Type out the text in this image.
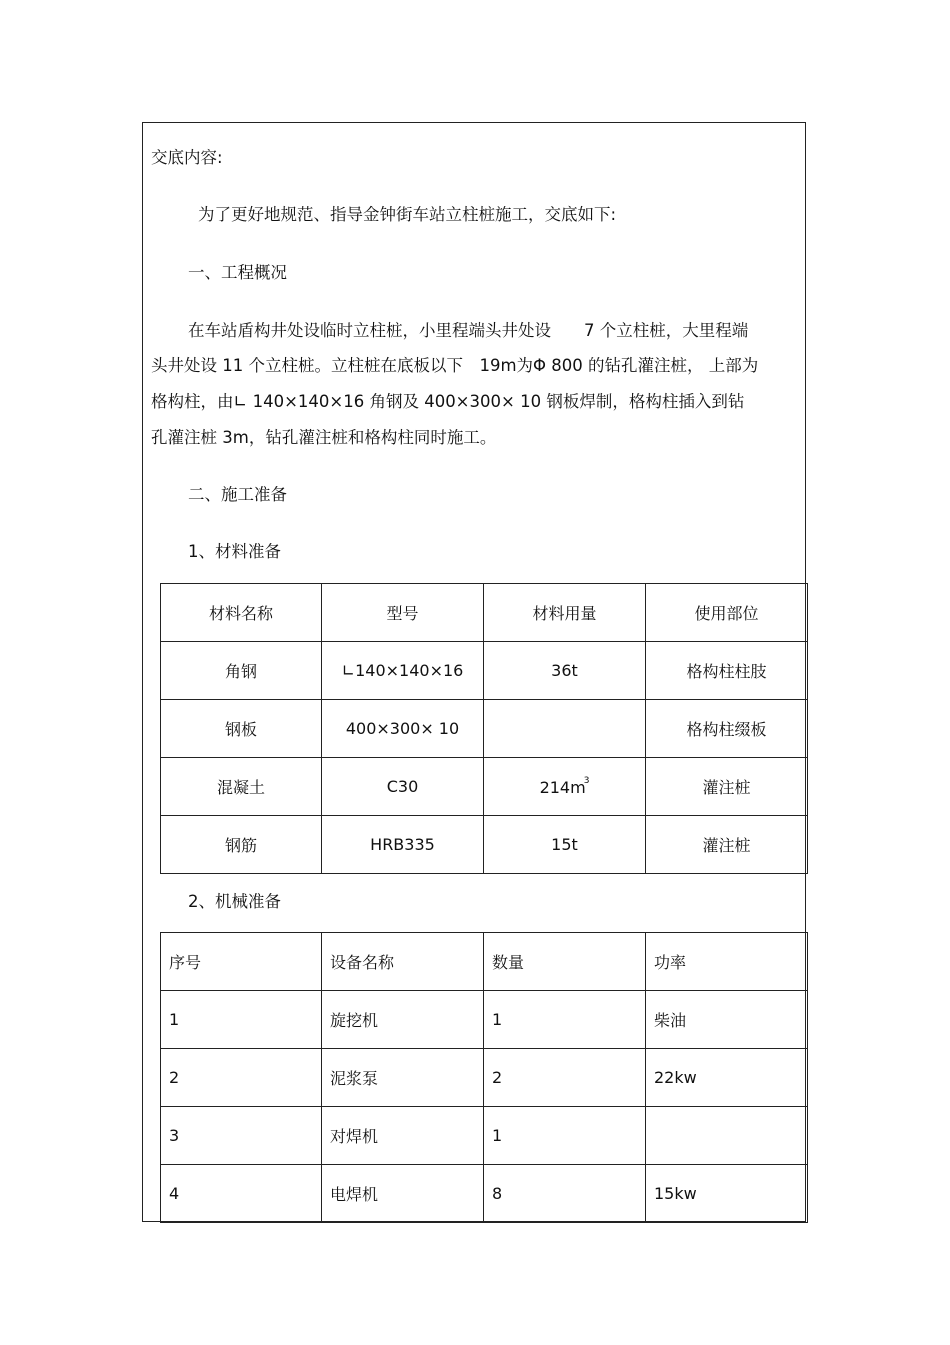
交底内容:
为了更好地规范、指导金钟街车站立柱桩施工，交底如下:
一、工程概况
在车站盾构井处设临时立柱桩，小里程端头井处设　　7 个立柱桩，大里程端
头井处设 11 个立柱桩。立柱桩在底板以下　19m为Φ 800 的钻孔灌注桩， 上部为
格构柱，由∟ 140×140×16 角钢及 400×300× 10 钢板焊制，格构柱插入到钻
孔灌注桩 3m，钻孔灌注桩和格构柱同时施工。
二、施工准备
1、材料准备
材料名称	型号	材料用量	使用部位
角钢	∟140×140×16	36t	格构柱柱肢
钢板	400×300× 10		格构柱缀板
混凝土	C30	$214m^3$	灌注桩
钢筋	HRB335	15t	灌注桩
2、机械准备
序号	设备名称	数量	功率
1	旋挖机	1	柴油
2	泥浆泵	2	22kw
3	对焊机	1	
4	电焊机	8	15kw
